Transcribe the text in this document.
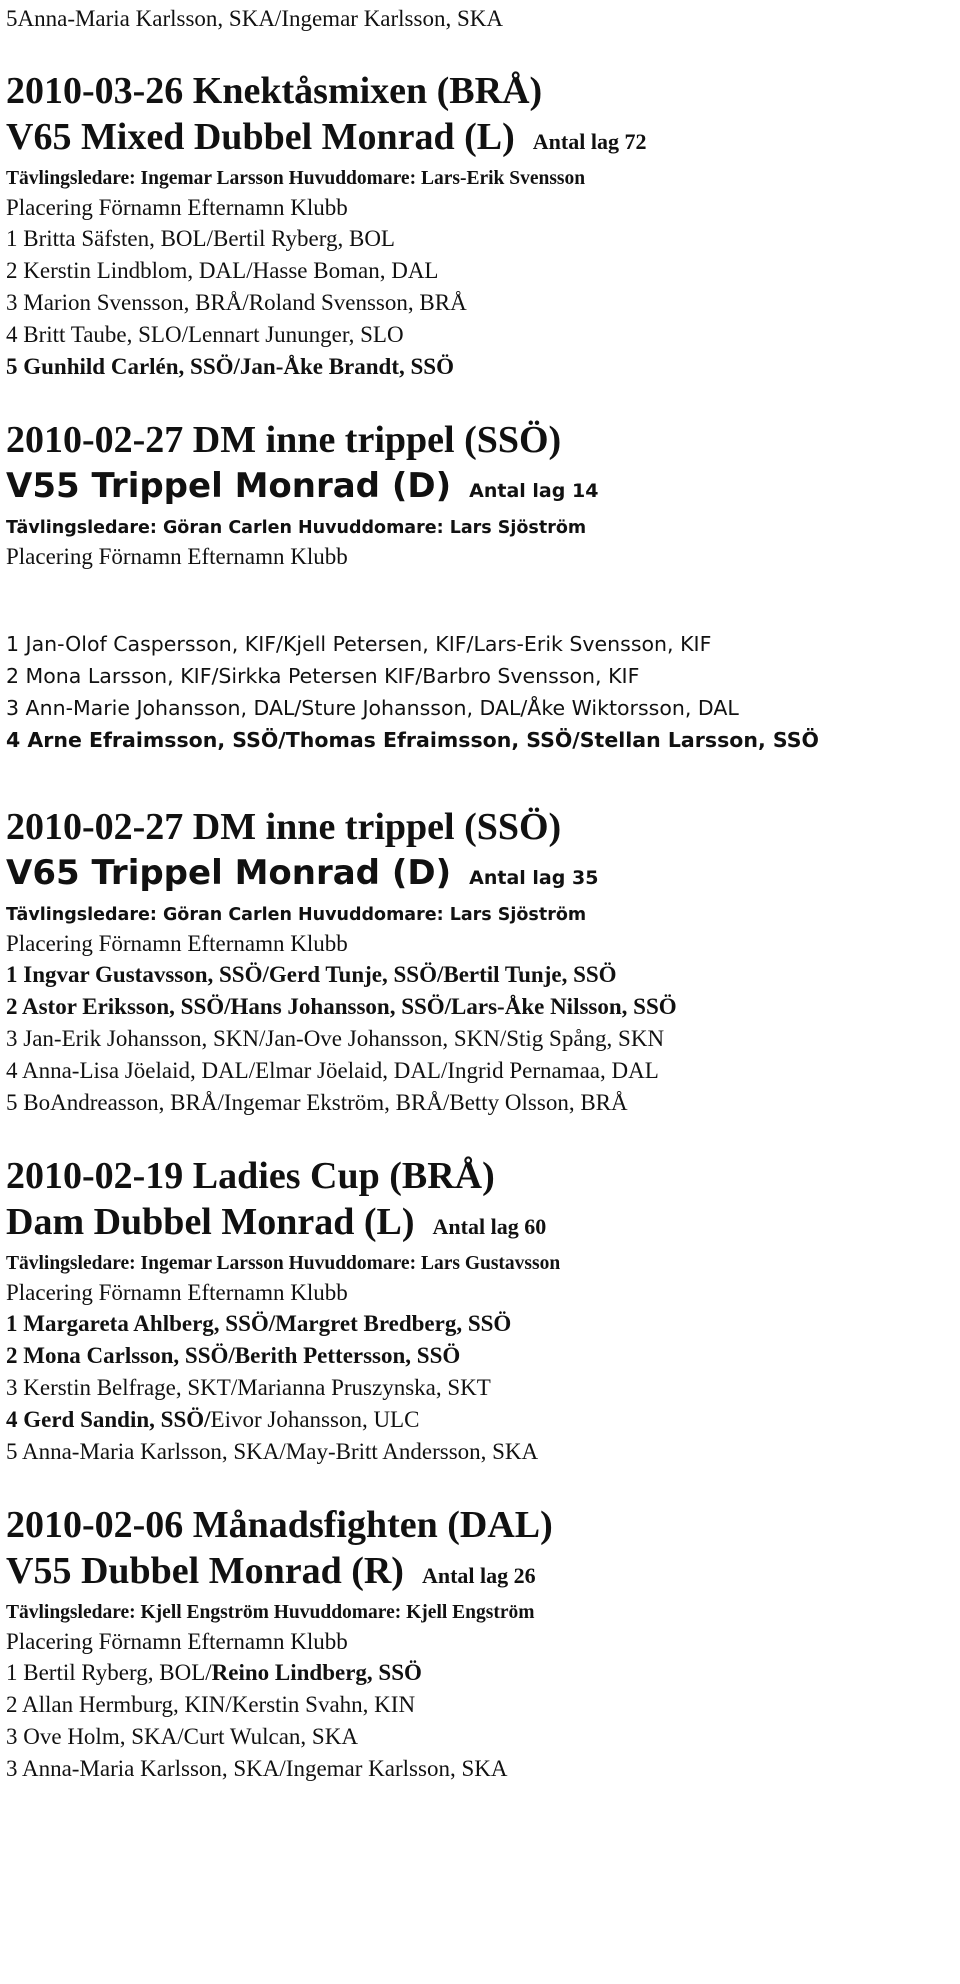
5Anna-Maria Karlsson, SKA/Ingemar Karlsson, SKA
2010-03-26 Knektåsmixen (BRÅ)
V65 Mixed Dubbel Monrad (L) Antal lag 72
Tävlingsledare: Ingemar Larsson Huvuddomare: Lars-Erik Svensson
Placering Förnamn Efternamn Klubb
1 Britta Säfsten, BOL/Bertil Ryberg, BOL
2 Kerstin Lindblom, DAL/Hasse Boman, DAL
3 Marion Svensson, BRÅ/Roland Svensson, BRÅ
4 Britt Taube, SLO/Lennart Jununger, SLO
5 Gunhild Carlén, SSÖ/Jan-Åke Brandt, SSÖ
2010-02-27 DM inne trippel (SSÖ)
V55 Trippel Monrad (D) Antal lag 14
Tävlingsledare: Göran Carlen Huvuddomare: Lars Sjöström
Placering Förnamn Efternamn Klubb
1 Jan-Olof Caspersson, KIF/Kjell Petersen, KIF/Lars-Erik Svensson, KIF
2 Mona Larsson, KIF/Sirkka Petersen KIF/Barbro Svensson, KIF
3 Ann-Marie Johansson, DAL/Sture Johansson, DAL/Åke Wiktorsson, DAL
4 Arne Efraimsson, SSÖ/Thomas Efraimsson, SSÖ/Stellan Larsson, SSÖ
2010-02-27 DM inne trippel (SSÖ)
V65 Trippel Monrad (D) Antal lag 35
Tävlingsledare: Göran Carlen Huvuddomare: Lars Sjöström
Placering Förnamn Efternamn Klubb
1 Ingvar Gustavsson, SSÖ/Gerd Tunje, SSÖ/Bertil Tunje, SSÖ
2 Astor Eriksson, SSÖ/Hans Johansson, SSÖ/Lars-Åke Nilsson, SSÖ
3 Jan-Erik Johansson, SKN/Jan-Ove Johansson, SKN/Stig Spång, SKN
4 Anna-Lisa Jöelaid, DAL/Elmar Jöelaid, DAL/Ingrid Pernamaa, DAL
5 BoAndreasson, BRÅ/Ingemar Ekström, BRÅ/Betty Olsson, BRÅ
2010-02-19 Ladies Cup (BRÅ)
Dam Dubbel Monrad (L) Antal lag 60
Tävlingsledare: Ingemar Larsson Huvuddomare: Lars Gustavsson
Placering Förnamn Efternamn Klubb
1 Margareta Ahlberg, SSÖ/Margret Bredberg, SSÖ
2 Mona Carlsson, SSÖ/Berith Pettersson, SSÖ
3 Kerstin Belfrage, SKT/Marianna Pruszynska, SKT
4 Gerd Sandin, SSÖ/Eivor Johansson, ULC
5 Anna-Maria Karlsson, SKA/May-Britt Andersson, SKA
2010-02-06 Månadsfighten (DAL)
V55 Dubbel Monrad (R) Antal lag 26
Tävlingsledare: Kjell Engström Huvuddomare: Kjell Engström
Placering Förnamn Efternamn Klubb
1 Bertil Ryberg, BOL/Reino Lindberg, SSÖ
2 Allan Hermburg, KIN/Kerstin Svahn, KIN
3 Ove Holm, SKA/Curt Wulcan, SKA
3 Anna-Maria Karlsson, SKA/Ingemar Karlsson, SKA
